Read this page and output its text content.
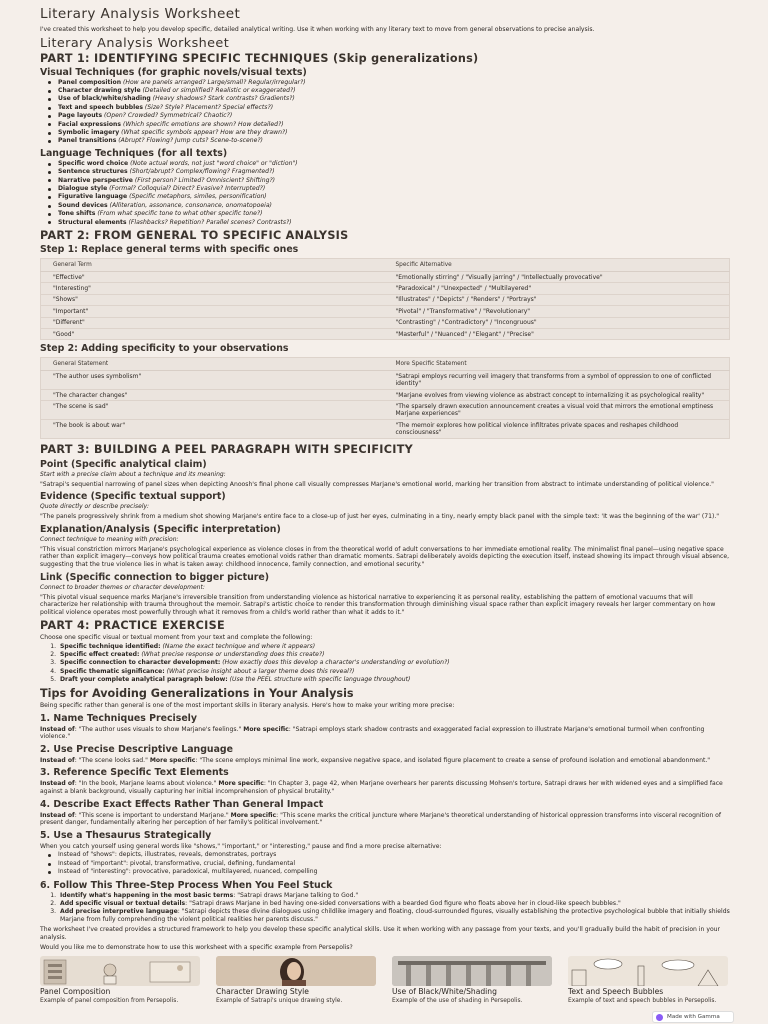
Literary Analysis Worksheet

I've created this worksheet to help you develop specific, detailed analytical writing. Use it when working with any literary text to move from general observations to precise analysis.

Literary Analysis Worksheet
PART 1: IDENTIFYING SPECIFIC TECHNIQUES (Skip generalizations)
Visual Techniques (for graphic novels/visual texts)
Panel composition (How are panels arranged? Large/small? Regular/irregular?)
Character drawing style (Detailed or simplified? Realistic or exaggerated?)
Use of black/white/shading (Heavy shadows? Stark contrasts? Gradients?)
Text and speech bubbles (Size? Style? Placement? Special effects?)
Page layouts (Open? Crowded? Symmetrical? Chaotic?)
Facial expressions (Which specific emotions are shown? How detailed?)
Symbolic imagery (What specific symbols appear? How are they drawn?)
Panel transitions (Abrupt? Flowing? Jump cuts? Scene-to-scene?)
Language Techniques (for all texts)
Specific word choice (Note actual words, not just "word choice" or "diction")
Sentence structures (Short/abrupt? Complex/flowing? Fragmented?)
Narrative perspective (First person? Limited? Omniscient? Shifting?)
Dialogue style (Formal? Colloquial? Direct? Evasive? Interrupted?)
Figurative language (Specific metaphors, similes, personification)
Sound devices (Alliteration, assonance, consonance, onomatopoeia)
Tone shifts (From what specific tone to what other specific tone?)
Structural elements (Flashbacks? Repetition? Parallel scenes? Contrasts?)
PART 2: FROM GENERAL TO SPECIFIC ANALYSIS
Step 1: Replace general terms with specific ones
General Term	Specific Alternative
"Effective"	"Emotionally stirring" / "Visually jarring" / "Intellectually provocative"
"Interesting"	"Paradoxical" / "Unexpected" / "Multilayered"
"Shows"	"Illustrates" / "Depicts" / "Renders" / "Portrays"
"Important"	"Pivotal" / "Transformative" / "Revolutionary"
"Different"	"Contrasting" / "Contradictory" / "Incongruous"
"Good"	"Masterful" / "Nuanced" / "Elegant" / "Precise"
Step 2: Adding specificity to your observations
General Statement	More Specific Statement
"The author uses symbolism"	"Satrapi employs recurring veil imagery that transforms from a symbol of oppression to one of conflicted identity"
"The character changes"	"Marjane evolves from viewing violence as abstract concept to internalizing it as psychological reality"
"The scene is sad"	"The sparsely drawn execution announcement creates a visual void that mirrors the emotional emptiness Marjane experiences"
"The book is about war"	"The memoir explores how political violence infiltrates private spaces and reshapes childhood consciousness"
PART 3: BUILDING A PEEL PARAGRAPH WITH SPECIFICITY
Point (Specific analytical claim)

Start with a precise claim about a technique and its meaning:

"Satrapi's sequential narrowing of panel sizes when depicting Anoosh's final phone call visually compresses Marjane's emotional world, marking her transition from abstract to intimate understanding of political violence."

Evidence (Specific textual support)

Quote directly or describe precisely:

"The panels progressively shrink from a medium shot showing Marjane's entire face to a close-up of just her eyes, culminating in a tiny, nearly empty black panel with the simple text: 'It was the beginning of the war' (71)."

Explanation/Analysis (Specific interpretation)

Connect technique to meaning with precision:

"This visual constriction mirrors Marjane's psychological experience as violence closes in from the theoretical world of adult conversations to her immediate emotional reality. The minimalist final panel—using negative space rather than explicit imagery—conveys how political trauma creates emotional voids rather than dramatic moments. Satrapi deliberately avoids depicting the execution itself, instead showing its impact through visual absence, suggesting that the true violence lies in what is taken away: childhood innocence, family connection, and emotional security."

Link (Specific connection to bigger picture)

Connect to broader themes or character development:

"This pivotal visual sequence marks Marjane's irreversible transition from understanding violence as historical narrative to experiencing it as personal reality, establishing the pattern of emotional vacuums that will characterize her relationship with trauma throughout the memoir. Satrapi's artistic choice to render this transformation through diminishing visual space rather than explicit imagery reveals her larger commentary on how political violence operates most powerfully through what it removes from a child's world rather than what it adds to it."

PART 4: PRACTICE EXERCISE

Choose one specific visual or textual moment from your text and complete the following:

1. Specific technique identified: (Name the exact technique and where it appears)
2. Specific effect created: (What precise response or understanding does this create?)
3. Specific connection to character development: (How exactly does this develop a character's understanding or evolution?)
4. Specific thematic significance: (What precise insight about a larger theme does this reveal?)
5. Draft your complete analytical paragraph below: (Use the PEEL structure with specific language throughout)
Tips for Avoiding Generalizations in Your Analysis

Being specific rather than general is one of the most important skills in literary analysis. Here's how to make your writing more precise:

1. Name Techniques Precisely

Instead of: "The author uses visuals to show Marjane's feelings." More specific: "Satrapi employs stark shadow contrasts and exaggerated facial expression to illustrate Marjane's emotional turmoil when confronting violence."

2. Use Precise Descriptive Language

Instead of: "The scene looks sad." More specific: "The scene employs minimal line work, expansive negative space, and isolated figure placement to create a sense of profound isolation and emotional abandonment."

3. Reference Specific Text Elements

Instead of: "In the book, Marjane learns about violence." More specific: "In Chapter 3, page 42, when Marjane overhears her parents discussing Mohsen's torture, Satrapi draws her with widened eyes and a simplified face against a blank background, visually capturing her initial incomprehension of physical brutality."

4. Describe Exact Effects Rather Than General Impact

Instead of: "This scene is important to understand Marjane." More specific: "This scene marks the critical juncture where Marjane's theoretical understanding of historical oppression transforms into visceral recognition of present danger, fundamentally altering her perception of her family's political involvement."

5. Use a Thesaurus Strategically

When you catch yourself using general words like "shows," "important," or "interesting," pause and find a more precise alternative:

Instead of "shows": depicts, illustrates, reveals, demonstrates, portrays
Instead of "important": pivotal, transformative, crucial, defining, fundamental
Instead of "interesting": provocative, paradoxical, multilayered, nuanced, compelling
6. Follow This Three-Step Process When You Feel Stuck
1. Identify what's happening in the most basic terms: "Satrapi draws Marjane talking to God."
2. Add specific visual or textual details: "Satrapi draws Marjane in bed having one-sided conversations with a bearded God figure who floats above her in cloud-like speech bubbles."
3. Add precise interpretive language: "Satrapi depicts these divine dialogues using childlike imagery and floating, cloud-surrounded figures, visually establishing the protective psychological bubble that initially shields Marjane from fully comprehending the violent political realities her parents discuss."

The worksheet I've created provides a structured framework to help you develop these specific analytical skills. Use it when working with any passage from your texts, and you'll gradually build the habit of precision in your analysis.

Would you like me to demonstrate how to use this worksheet with a specific example from Persepolis?

Panel Composition
Example of panel composition from Persepolis.
Character Drawing Style
Example of Satrapi's unique drawing style.
Use of Black/White/Shading
Example of the use of shading in Persepolis.
Text and Speech Bubbles
Example of text and speech bubbles in Persepolis.
Made with Gamma
